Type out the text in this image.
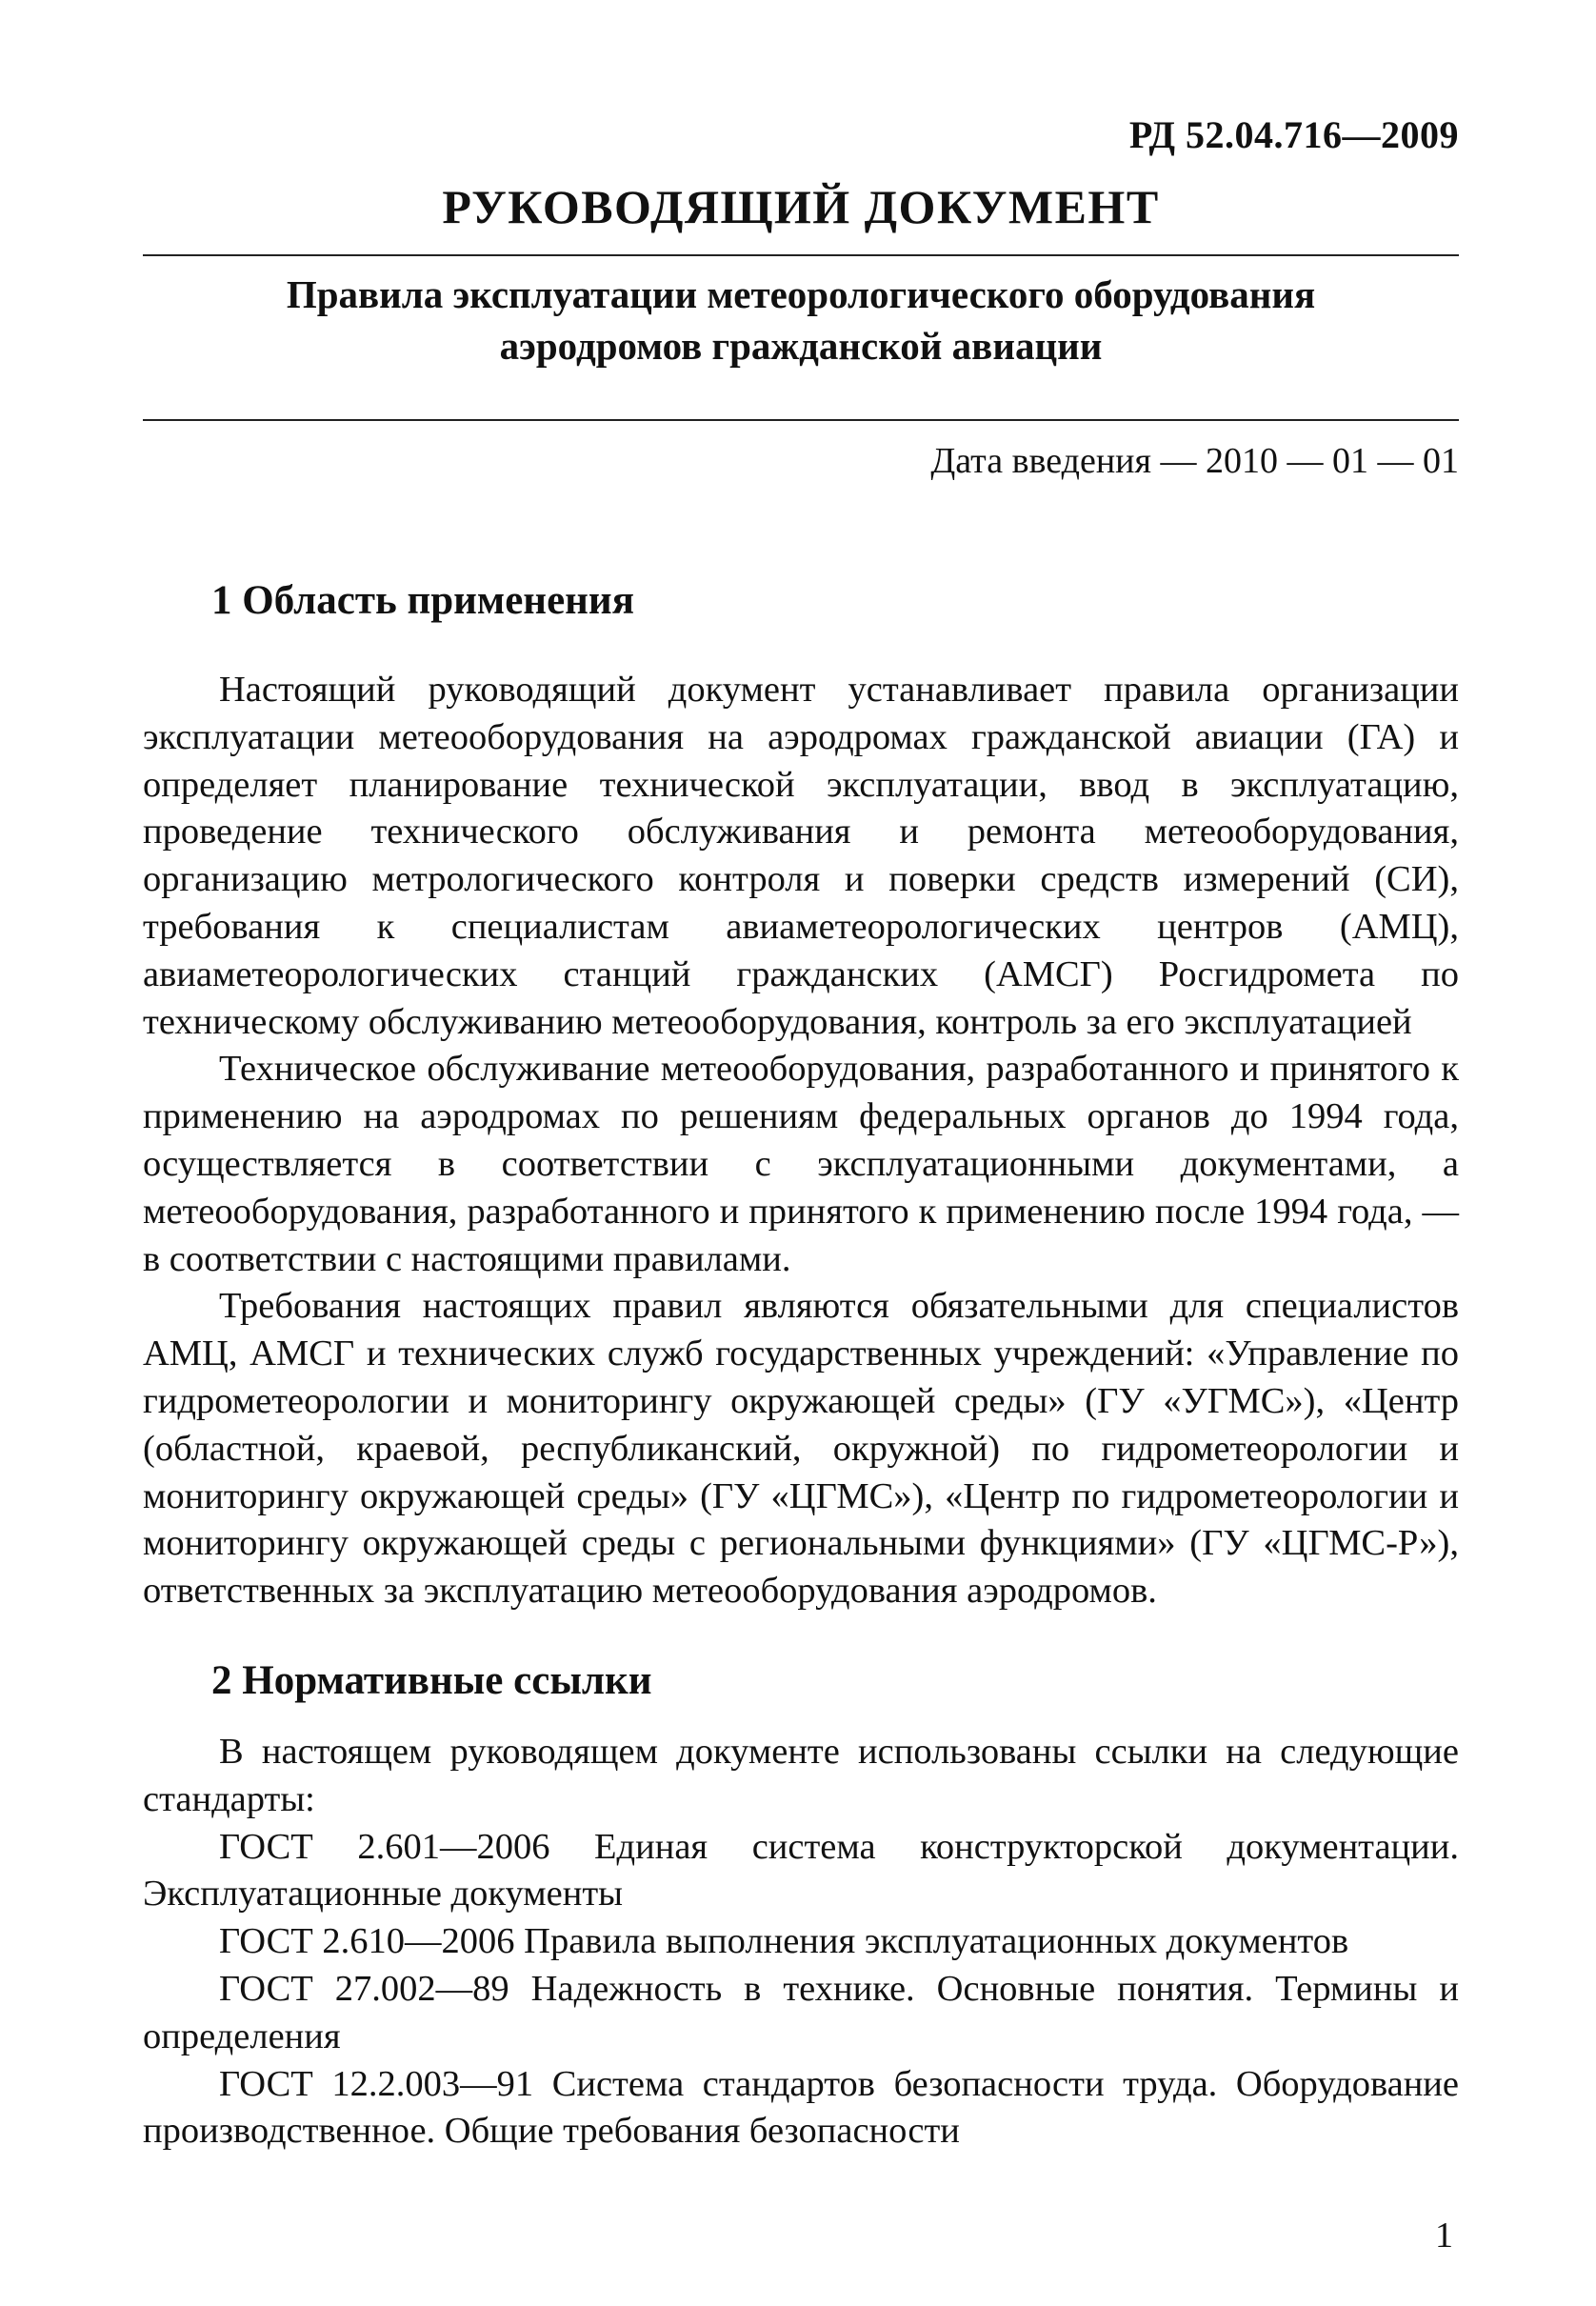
РД 52.04.716—2009
РУКОВОДЯЩИЙ ДОКУМЕНТ
Правила эксплуатации метеорологического оборудования
аэродромов гражданской авиации
Дата введения — 2010 — 01 — 01
1 Область применения

Настоящий руководящий документ устанавливает правила организации эксплуатации метеооборудования на аэродромах гражданской авиации (ГА) и определяет планирование технической эксплуатации, ввод в эксплуатацию, проведение технического обслуживания и ремонта метеооборудования, организацию метрологического контроля и поверки средств измерений (СИ), требования к специалистам авиаметеорологических центров (АМЦ), авиаметеорологических станций гражданских (АМСГ) Росгидромета по техническому обслуживанию метеооборудования, контроль за его эксплуатацией

Техническое обслуживание метеооборудования, разработанного и принятого к применению на аэродромах по решениям федеральных органов до 1994 года, осуществляется в соответствии с эксплуатационными документами, а метеооборудования, разработанного и принятого к применению после 1994 года, — в соответствии с настоящими правилами.

Требования настоящих правил являются обязательными для специалистов АМЦ, АМСГ и технических служб государственных учреждений: «Управление по гидрометеорологии и мониторингу окружающей среды» (ГУ «УГМС»), «Центр (областной, краевой, республиканский, окружной) по гидрометеорологии и мониторингу окружающей среды» (ГУ «ЦГМС»), «Центр по гидрометеорологии и мониторингу окружающей среды с региональными функциями» (ГУ «ЦГМС-Р»), ответственных за эксплуатацию метеооборудования аэродромов.

2 Нормативные ссылки

В настоящем руководящем документе использованы ссылки на следующие стандарты:

ГОСТ 2.601—2006 Единая система конструкторской документации. Эксплуатационные документы

ГОСТ 2.610—2006 Правила выполнения эксплуатационных документов

ГОСТ 27.002—89 Надежность в технике. Основные понятия. Термины и определения

ГОСТ 12.2.003—91 Система стандартов безопасности труда. Оборудование производственное. Общие требования безопасности

1
